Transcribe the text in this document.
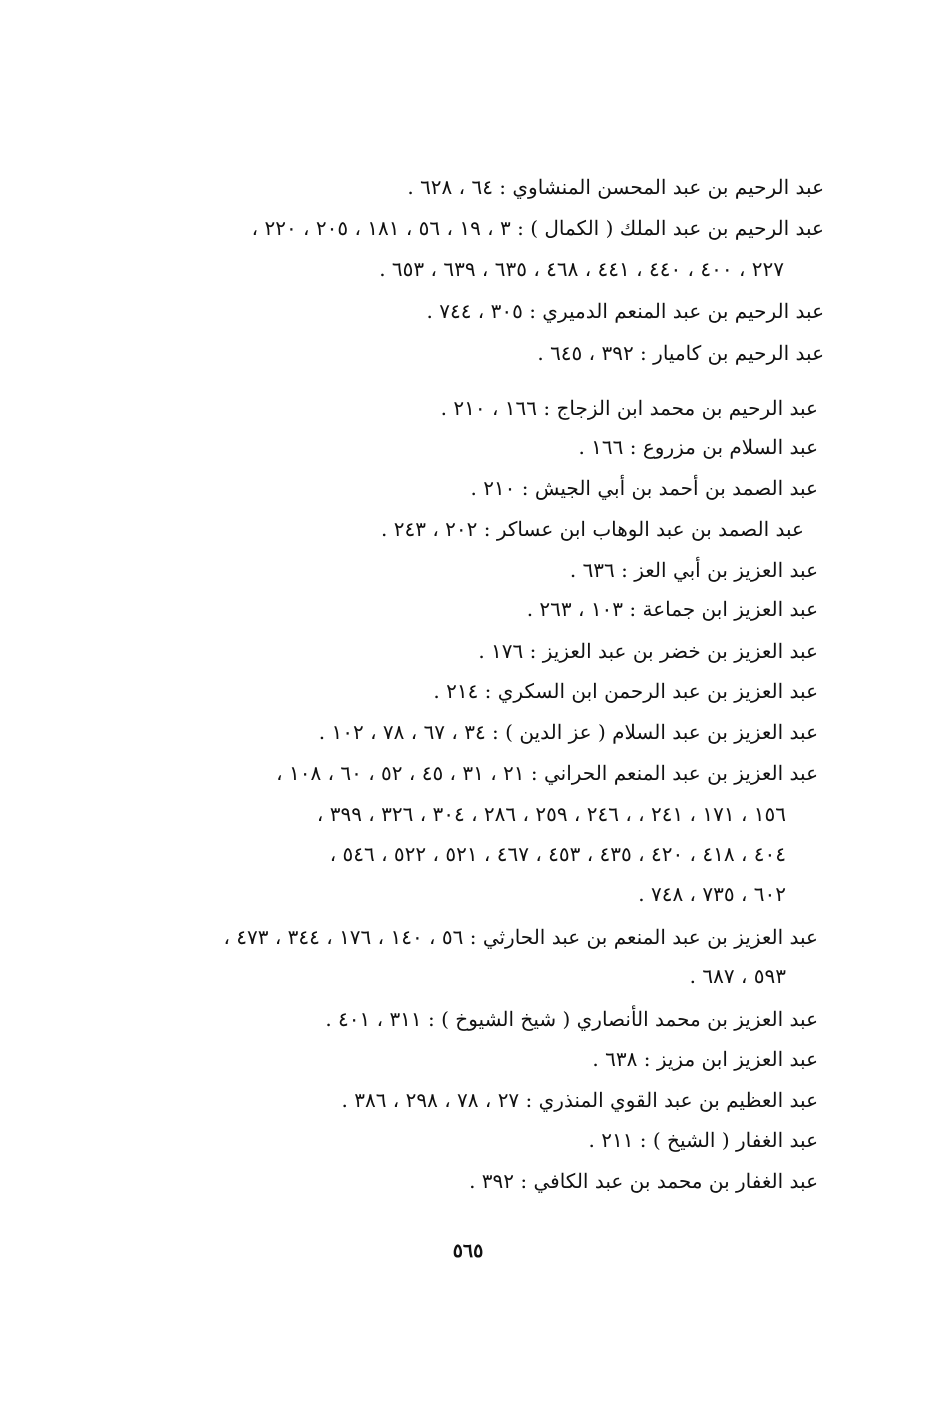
عبد الرحيم بن عبد المحسن المنشاوي : ٦٤ ، ٦٢٨ .
عبد الرحيم بن عبد الملك ( الكمال ) : ٣ ، ١٩ ، ٥٦ ، ١٨١ ، ٢٠٥ ، ٢٢٠ ،
٢٢٧ ، ٤٠٠ ، ٤٤٠ ، ٤٤١ ، ٤٦٨ ، ٦٣٥ ، ٦٣٩ ، ٦٥٣ .
عبد الرحيم بن عبد المنعم الدميري : ٣٠٥ ، ٧٤٤ .
عبد الرحيم بن كاميار : ٣٩٢ ، ٦٤٥ .
عبد الرحيم بن محمد ابن الزجاج : ١٦٦ ، ٢١٠ .
عبد السلام بن مزروع : ١٦٦ .
عبد الصمد بن أحمد بن أبي الجيش : ٢١٠ .
عبد الصمد بن عبد الوهاب ابن عساكر : ٢٠٢ ، ٢٤٣ .
عبد العزيز بن أبي العز : ٦٣٦ .
عبد العزيز ابن جماعة : ١٠٣ ، ٢٦٣ .
عبد العزيز بن خضر بن عبد العزيز : ١٧٦ .
عبد العزيز بن عبد الرحمن ابن السكري : ٢١٤ .
عبد العزيز بن عبد السلام ( عز الدين ) : ٣٤ ، ٦٧ ، ٧٨ ، ١٠٢ .
عبد العزيز بن عبد المنعم الحراني : ٢١ ، ٣١ ، ٤٥ ، ٥٢ ، ٦٠ ، ١٠٨ ،
١٥٦ ، ١٧١ ، ٢٤١ ، ، ٢٤٦ ، ٢٥٩ ، ٢٨٦ ، ٣٠٤ ، ٣٢٦ ، ٣٩٩ ،
٤٠٤ ، ٤١٨ ، ٤٢٠ ، ٤٣٥ ، ٤٥٣ ، ٤٦٧ ، ٥٢١ ، ٥٢٢ ، ٥٤٦ ،
٦٠٢ ، ٧٣٥ ، ٧٤٨ .
عبد العزيز بن عبد المنعم بن عبد الحارثي : ٥٦ ، ١٤٠ ، ١٧٦ ، ٣٤٤ ، ٤٧٣ ،
٥٩٣ ، ٦٨٧ .
عبد العزيز بن محمد الأنصاري ( شيخ الشيوخ ) : ٣١١ ، ٤٠١ .
عبد العزيز ابن مزيز : ٦٣٨ .
عبد العظيم بن عبد القوي المنذري : ٢٧ ، ٧٨ ، ٢٩٨ ، ٣٨٦ .
عبد الغفار ( الشيخ ) : ٢١١ .
عبد الغفار بن محمد بن عبد الكافي : ٣٩٢ .
٥٦٥
